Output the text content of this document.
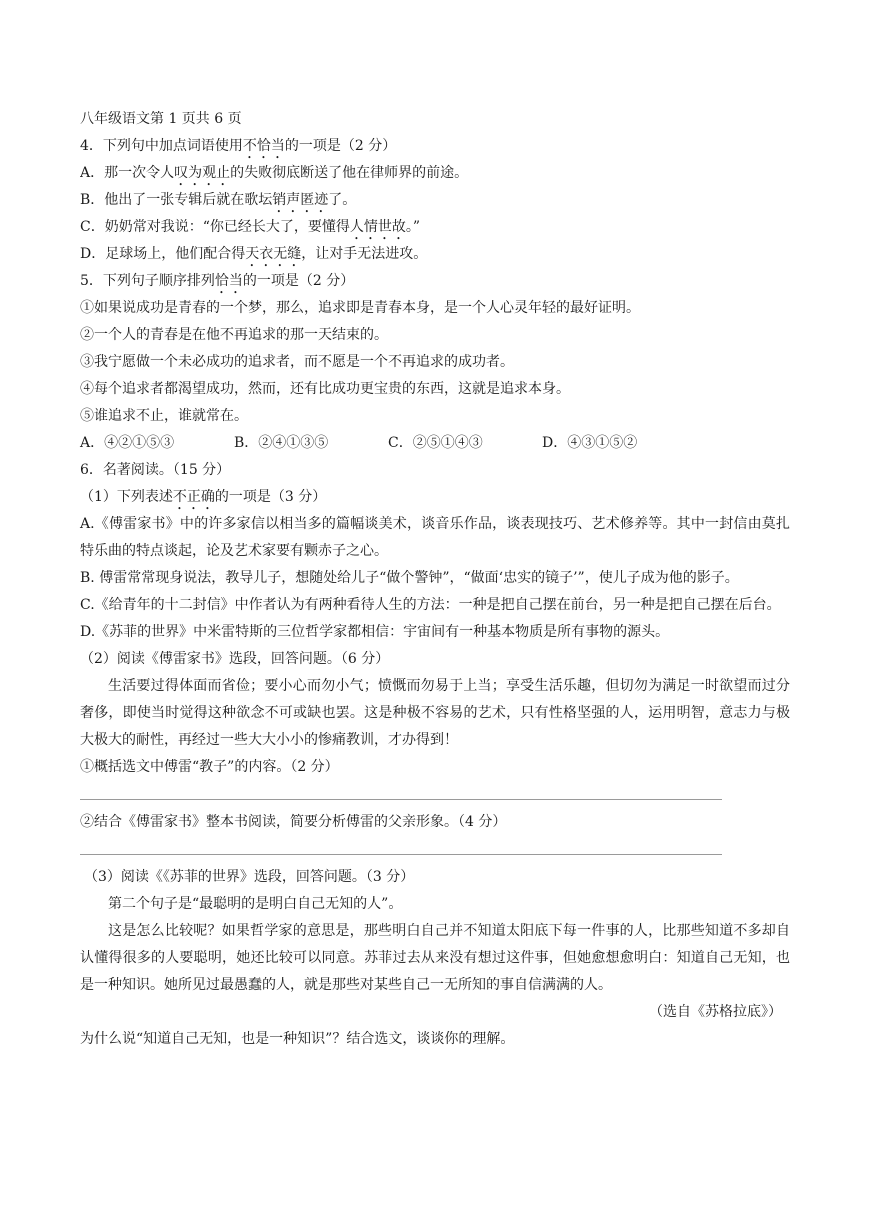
八年级语文第 1 页共 6 页
4．下列句中加点词语使用不恰当的一项是（2 分）
A．那一次令人叹为观止的失败彻底断送了他在律师界的前途。
B．他出了一张专辑后就在歌坛销声匿迹了。
C．奶奶常对我说：“你已经长大了，要懂得人情世故。”
D．足球场上，他们配合得天衣无缝，让对手无法进攻。
5．下列句子顺序排列恰当的一项是（2 分）
①如果说成功是青春的一个梦，那么，追求即是青春本身，是一个人心灵年轻的最好证明。
②一个人的青春是在他不再追求的那一天结束的。
③我宁愿做一个未必成功的追求者，而不愿是一个不再追求的成功者。
④每个追求者都渴望成功，然而，还有比成功更宝贵的东西，这就是追求本身。
⑤谁追求不止，谁就常在。
A．④②①⑤③	B．②④①③⑤	C．②⑤①④③	D．④③①⑤②
6．名著阅读。（15 分）
（1）下列表述不正确的一项是（3 分）
A.《傅雷家书》中的许多家信以相当多的篇幅谈美术，谈音乐作品，谈表现技巧、艺术修养等。其中一封信由莫扎特乐曲的特点谈起，论及艺术家要有颗赤子之心。
B. 傅雷常常现身说法，教导儿子，想随处给儿子“做个警钟”，“做面‘忠实的镜子’”，使儿子成为他的影子。
C.《给青年的十二封信》中作者认为有两种看待人生的方法：一种是把自己摆在前台，另一种是把自己摆在后台。
D.《苏菲的世界》中米雷特斯的三位哲学家都相信：宇宙间有一种基本物质是所有事物的源头。
（2）阅读《傅雷家书》选段，回答问题。（6 分）
生活要过得体面而省俭；要小心而勿小气；愤慨而勿易于上当；享受生活乐趣，但切勿为满足一时欲望而过分奢侈，即使当时觉得这种欲念不可或缺也罢。这是种极不容易的艺术，只有性格坚强的人，运用明智，意志力与极大极大的耐性，再经过一些大大小小的惨痛教训，才办得到！
①概括选文中傅雷“教子”的内容。（2 分）
②结合《傅雷家书》整本书阅读，简要分析傅雷的父亲形象。（4 分）
（3）阅读《《苏菲的世界》选段，回答问题。（3 分）
第二个句子是“最聪明的是明白自己无知的人”。
这是怎么比较呢？如果哲学家的意思是，那些明白自己并不知道太阳底下每一件事的人，比那些知道不多却自认懂得很多的人要聪明，她还比较可以同意。苏菲过去从来没有想过这件事，但她愈想愈明白：知道自己无知，也是一种知识。她所见过最愚蠢的人，就是那些对某些自己一无所知的事自信满满的人。
（选自《苏格拉底》）
为什么说“知道自己无知，也是一种知识”？结合选文，谈谈你的理解。
